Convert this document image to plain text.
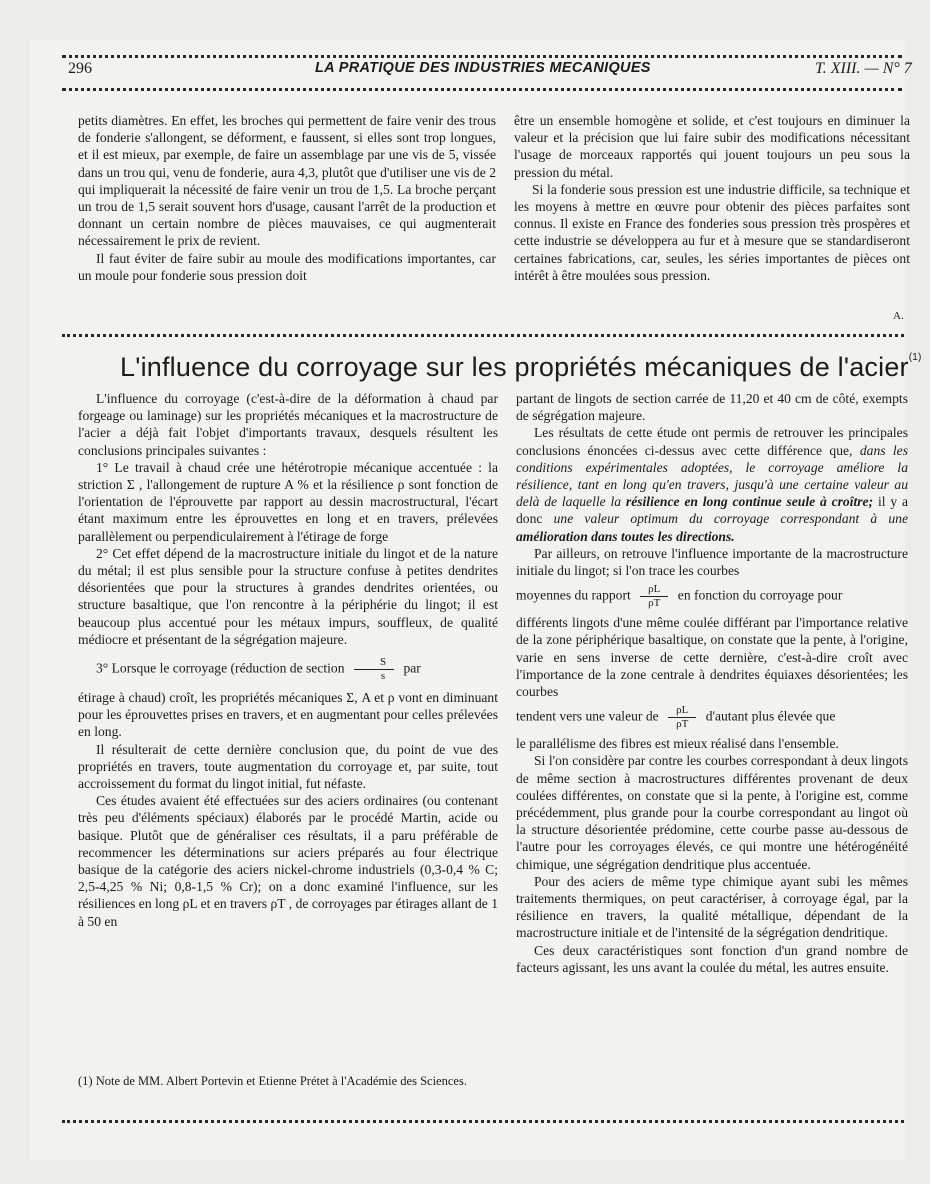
296	LA PRATIQUE DES INDUSTRIES MECANIQUES	T. XIII. — N° 7

petits diamètres. En effet, les broches qui permettent de faire venir des trous de fonderie s'allongent, se déforment, e faussent, si elles sont trop longues, et il est mieux, par exemple, de faire un assemblage par une vis de 5, vissée dans un trou qui, venu de fonderie, aura 4,3, plutôt que d'utiliser une vis de 2 qui impliquerait la nécessité de faire venir un trou de 1,5. La broche perçant un trou de 1,5 serait souvent hors d'usage, causant l'arrêt de la production et donnant un certain nombre de pièces mauvaises, ce qui augmenterait nécessairement le prix de revient.

Il faut éviter de faire subir au moule des modifications importantes, car un moule pour fonderie sous pression doit

être un ensemble homogène et solide, et c'est toujours en diminuer la valeur et la précision que lui faire subir des modifications nécessitant l'usage de morceaux rapportés qui jouent toujours un peu sous la pression du métal.

Si la fonderie sous pression est une industrie difficile, sa technique et les moyens à mettre en œuvre pour obtenir des pièces parfaites sont connus. Il existe en France des fonderies sous pression très prospères et cette industrie se développera au fur et à mesure que se standardiseront certaines fabrications, car, seules, les séries importantes de pièces ont intérêt à être moulées sous pression.

A.
L'influence du corroyage sur les propriétés mécaniques de l'acier$^{(1)}$

L'influence du corroyage (c'est-à-dire de la déformation à chaud par forgeage ou laminage) sur les propriétés mécaniques et la macrostructure de l'acier a déjà fait l'objet d'importants travaux, desquels résultent les conclusions principales suivantes :

1° Le travail à chaud crée une hétérotropie mécanique accentuée : la striction Σ , l'allongement de rupture A % et la résilience ρ sont fonction de l'orientation de l'éprouvette par rapport au dessin macrostructural, l'écart étant maximum entre les éprouvettes en long et en travers, prélevées parallèlement ou perpendiculairement à l'étirage de forge

2° Cet effet dépend de la macrostructure initiale du lingot et de la nature du métal; il est plus sensible pour la structure confuse à petites dendrites désorientées que pour la structures à grandes dendrites orientées, ou structure basaltique, que l'on rencontre à la périphérie du lingot; il est beaucoup plus accentué pour les métaux impurs, soufflеux, de qualité médiocre et présentant de la ségrégation majeure.

3° Lorsque le corroyage (réduction de section $\frac{S}{s}$ par

étirage à chaud) croît, les propriétés mécaniques Σ, A et ρ vont en diminuant pour les éprouvettes prises en travers, et en augmentant pour celles prélevées en long.

Il résulterait de cette dernière conclusion que, du point de vue des propriétés en travers, toute augmentation du corroyage et, par suite, tout accroissement du format du lingot initial, fut néfaste.

Ces études avaient été effectuées sur des aciers ordinaires (ou contenant très peu d'éléments spéciaux) élaborés par le procédé Martin, acide ou basique. Plutôt que de généraliser ces résultats, il a paru préférable de recommencer les déterminations sur aciers préparés au four électrique basique de la catégorie des aciers nickel-chrome industriels (0,3-0,4 % C; 2,5-4,25 % Ni; 0,8-1,5 % Cr); on a donc examiné l'influence, sur les résiliences en long ρL et en travers ρT , de corroyages par étirages allant de 1 à 50 en

partant de lingots de section carrée de 11,20 et 40 cm de côté, exempts de ségrégation majeure.

Les résultats de cette étude ont permis de retrouver les principales conclusions énoncées ci-dessus avec cette différence que, dans les conditions expérimentales adoptées, le corroyage améliore la résilience, tant en long qu'en travers, jusqu'à une certaine valeur au delà de laquelle la résilience en long continue seule à croître; il y a donc une valeur optimum du corroyage correspondant à une amélioration dans toutes les directions.

Par ailleurs, on retrouve l'influence importante de la macrostructure initiale du lingot; si l'on trace les courbes

moyennes du rapport $\frac{\rho L}{\rho T}$ en fonction du corroyage pour

différents lingots d'une même coulée différant par l'importance relative de la zone périphérique basaltique, on constate que la pente, à l'origine, varie en sens inverse de cette dernière, c'est-à-dire croît avec l'importance de la zone centrale à dendrites équiaxes désorientées; les courbes

tendent vers une valeur de $\frac{\rho L}{\rho T} d'autant$ plus élevée que

le parallélisme des fibres est mieux réalisé dans l'ensemble.

Si l'on considère par contre les courbes correspondant à deux lingots de même section à macrostructures différentes provenant de deux coulées différentes, on constate que si la pente, à l'origine est, comme précédemment, plus grande pour la courbe correspondant au lingot où la structure désorientée prédomine, cette courbe passe au-dessous de l'autre pour les corroyages élevés, ce qui montre une hétérogénéité chimique, une ségrégation dendritique plus accentuée.

Pour des aciers de même type chimique ayant subi les mêmes traitements thermiques, on peut caractériser, à corroyage égal, par la résilience en travers, la qualité métallique, dépendant de la macrostructure initiale et de l'intensité de la ségrégation dendritique.

Ces deux caractéristiques sont fonction d'un grand nombre de facteurs agissant, les uns avant la coulée du métal, les autres ensuite.

(1) Note de MM. Albert Portevin et Etienne Prétet à l'Académie des Sciences.
